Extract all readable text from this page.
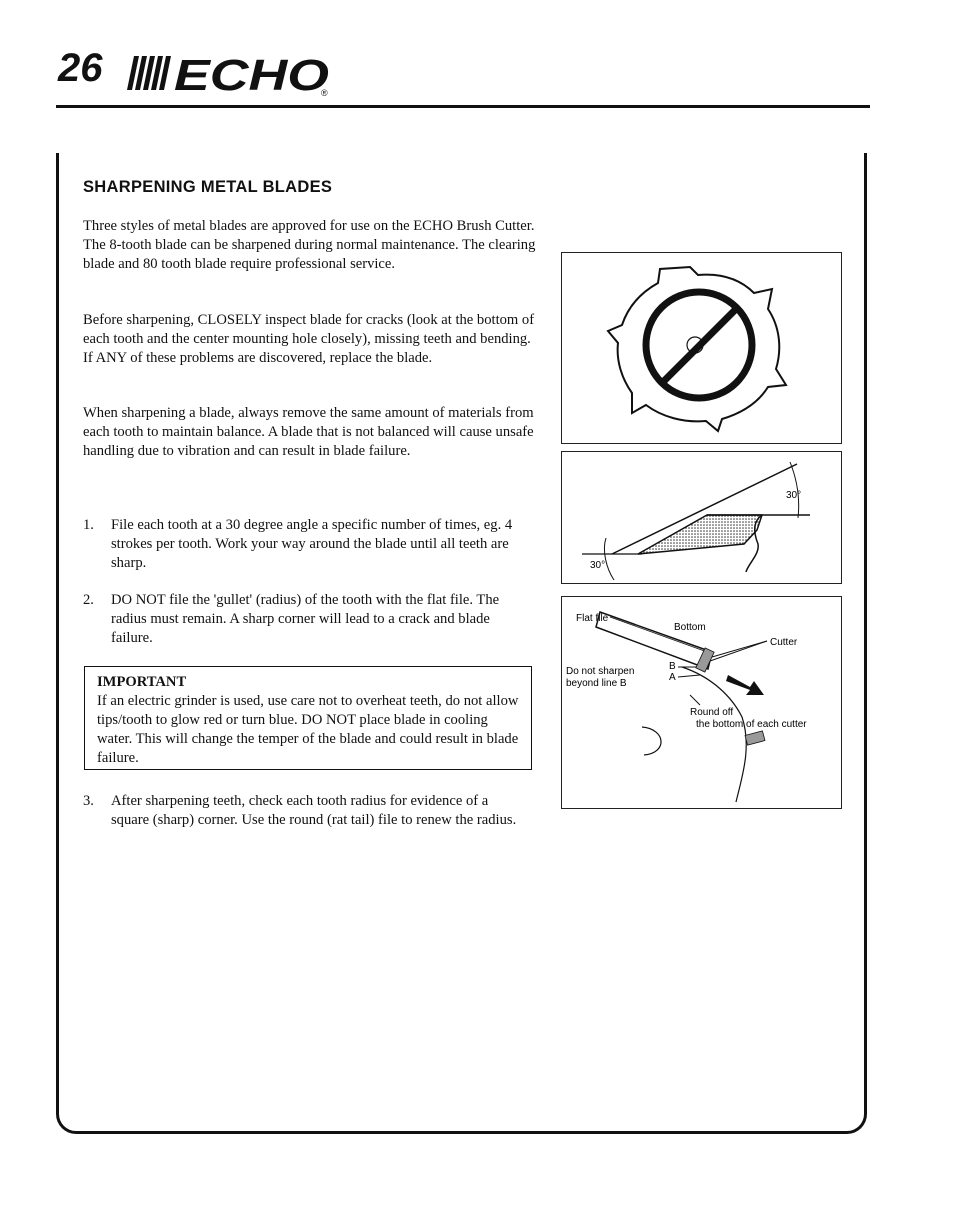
26 ECHO
®
SHARPENING METAL BLADES
Three styles of metal blades are approved for use on the ECHO Brush Cutter. The 8-tooth blade can be sharpened during normal maintenance. The clearing blade and 80 tooth blade require professional service.
Before sharpening, CLOSELY inspect blade for cracks (look at the bottom of each tooth and the center mounting hole closely), missing teeth and bending. If ANY of these problems are discovered, replace the blade.
When sharpening a blade, always remove the same amount of materials from each tooth to maintain balance. A blade that is not balanced will cause unsafe handling due to vibration and can result in blade failure.
1. File each tooth at a 30 degree angle a specific number of times, eg. 4 strokes per tooth. Work your way around the blade until all teeth are sharp.
2. DO NOT file the 'gullet' (radius) of the tooth with the flat file. The radius must remain. A sharp corner will lead to a crack and blade failure.
IMPORTANT
If an electric grinder is used, use care not to overheat teeth, do not allow tips/tooth to glow red or turn blue. DO NOT place blade in cooling water. This will change the temper of the blade and could result in blade failure.
3. After sharpening teeth, check each tooth radius for evidence of a square (sharp) corner. Use the round (rat tail) file to renew the radius.
30°
30°
Flat file
Bottom
Cutter
Do not sharpen
beyond line B
B
A
Round off
the bottom of each cutter
